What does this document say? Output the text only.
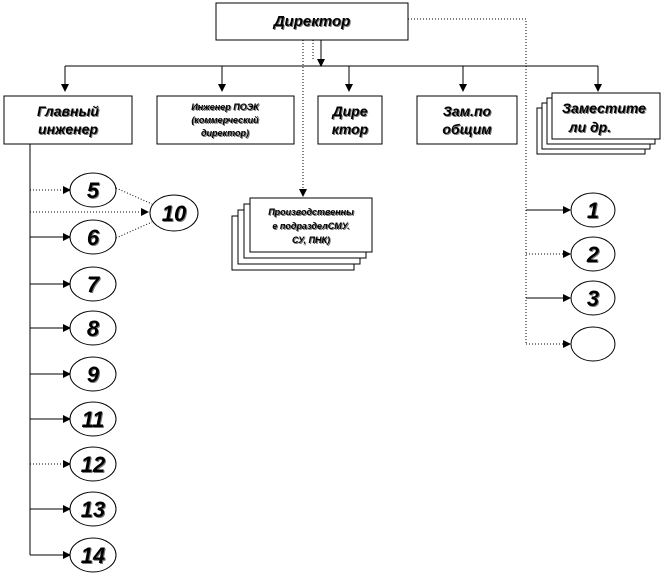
Директор
Главный
инженер
Инженер ПОЭК
(коммерческий
директор)
Дире
ктор
Зам.по
общим
Заместите
ли др.
Производственны
е подразделСМУ.
СУ, ПНК)
5
6
7
8
9
11
12
13
14
10	1
2
3
